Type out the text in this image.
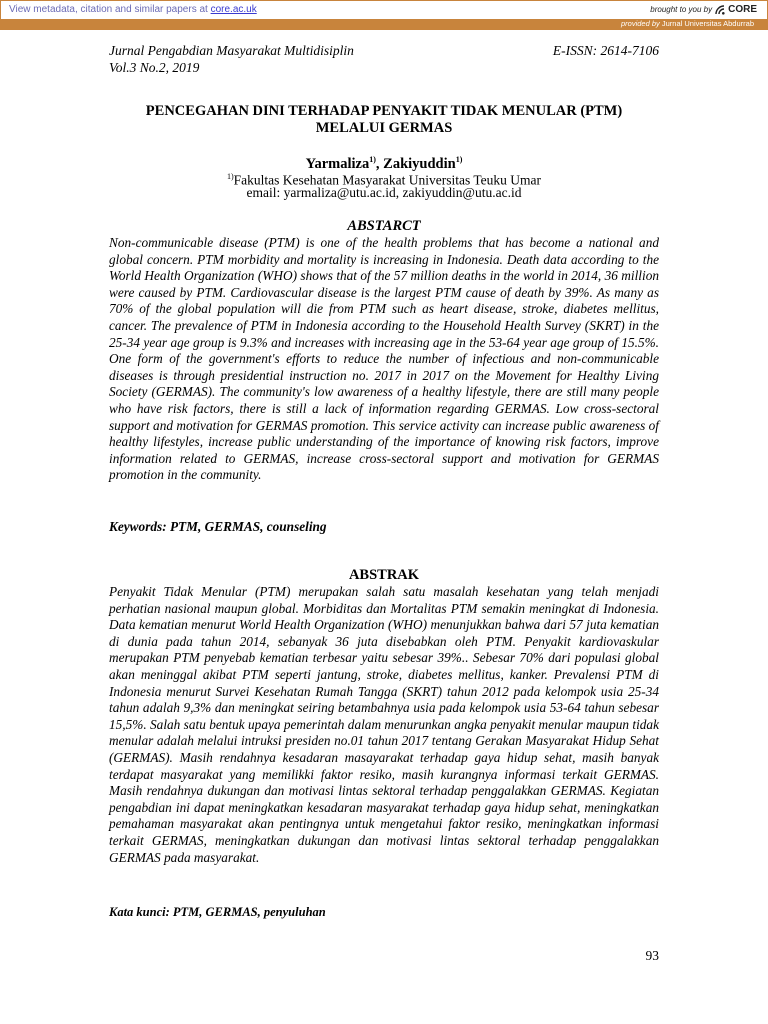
View metadata, citation and similar papers at core.ac.uk	brought to you by CORE
provided by Jurnal Universitas Abdurrab
Jurnal Pengabdian Masyarakat Multidisiplin
Vol.3 No.2, 2019
E-ISSN: 2614-7106
PENCEGAHAN DINI TERHADAP PENYAKIT TIDAK MENULAR (PTM)
MELALUI GERMAS
Yarmaliza$^{1)}$, Zakiyuddin$^{1)}$
$^{1)}$Fakultas Kesehatan Masyarakat Universitas Teuku Umar
email: yarmaliza@utu.ac.id, zakiyuddin@utu.ac.id
ABSTARCT

Non-communicable disease (PTM) is one of the health problems that has become a national and global concern. PTM morbidity and mortality is increasing in Indonesia. Death data according to the World Health Organization (WHO) shows that of the 57 million deaths in the world in 2014, 36 million were caused by PTM. Cardiovascular disease is the largest PTM cause of death by 39%. As many as 70% of the global population will die from PTM such as heart disease, stroke, diabetes mellitus, cancer. The prevalence of PTM in Indonesia according to the Household Health Survey (SKRT) in the 25-34 year age group is 9.3% and increases with increasing age in the 53-64 year age group of 15.5%. One form of the government's efforts to reduce the number of infectious and non-communicable diseases is through presidential instruction no. 2017 in 2017 on the Movement for Healthy Living Society (GERMAS). The community's low awareness of a healthy lifestyle, there are still many people who have risk factors, there is still a lack of information regarding GERMAS. Low cross-sectoral support and motivation for GERMAS promotion. This service activity can increase public awareness of healthy lifestyles, increase public understanding of the importance of knowing risk factors, improve information related to GERMAS, increase cross-sectoral support and motivation for GERMAS promotion in the community.

Keywords: PTM, GERMAS, counseling
ABSTRAK

Penyakit Tidak Menular (PTM) merupakan salah satu masalah kesehatan yang telah menjadi perhatian nasional maupun global. Morbiditas dan Mortalitas PTM semakin meningkat di Indonesia. Data kematian menurut World Health Organization (WHO) menunjukkan bahwa dari 57 juta kematian di dunia pada tahun 2014, sebanyak 36 juta disebabkan oleh PTM. Penyakit kardiovaskular merupakan PTM penyebab kematian terbesar yaitu sebesar 39%.. Sebesar 70% dari populasi global akan meninggal akibat PTM seperti jantung, stroke, diabetes mellitus, kanker. Prevalensi PTM di Indonesia menurut Survei Kesehatan Rumah Tangga (SKRT) tahun 2012 pada kelompok usia 25-34 tahun adalah 9,3% dan meningkat seiring betambahnya usia pada kelompok usia 53-64 tahun sebesar 15,5%. Salah satu bentuk upaya pemerintah dalam menurunkan angka penyakit menular maupun tidak menular adalah melalui intruksi presiden no.01 tahun 2017 tentang Gerakan Masyarakat Hidup Sehat (GERMAS). Masih rendahnya kesadaran masayarakat terhadap gaya hidup sehat, masih banyak terdapat masyarakat yang memilikki faktor resiko, masih kurangnya informasi terkait GERMAS. Masih rendahnya dukungan dan motivasi lintas sektoral terhadap penggalakkan GERMAS. Kegiatan pengabdian ini dapat meningkatkan kesadaran masyarakat terhadap gaya hidup sehat, meningkatkan pemahaman masyarakat akan pentingnya untuk mengetahui faktor resiko, meningkatkan informasi terkait GERMAS, meningkatkan dukungan dan motivasi lintas sektoral terhadap penggalakkan GERMAS pada masyarakat.

Kata kunci: PTM, GERMAS, penyuluhan
93
